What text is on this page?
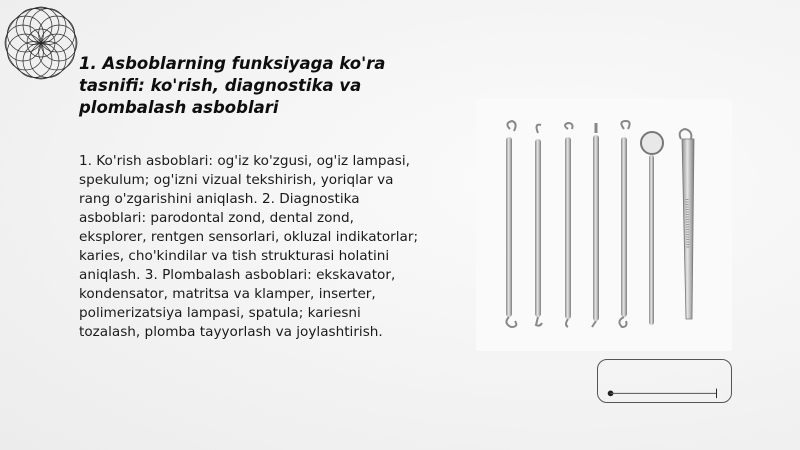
1. Asboblarning funksiyaga ko'ra tasnifi: ko'rish, diagnostika va plombalash asboblari

1. Ko'rish asboblari: og'iz ko'zgusi, og'iz lampasi, spekulum; og'izni vizual tekshirish, yoriqlar va rang o'zgarishini aniqlash. 2. Diagnostika asboblari: parodontal zond, dental zond, eksplorer, rentgen sensorlari, okluzal indikatorlar; karies, cho'kindilar va tish strukturasi holatini aniqlash. 3. Plombalash asboblari: ekskavator, kondensator, matritsa va klamper, inserter, polimerizatsiya lampasi, spatula; kariesni tozalash, plomba tayyorlash va joylashtirish.
